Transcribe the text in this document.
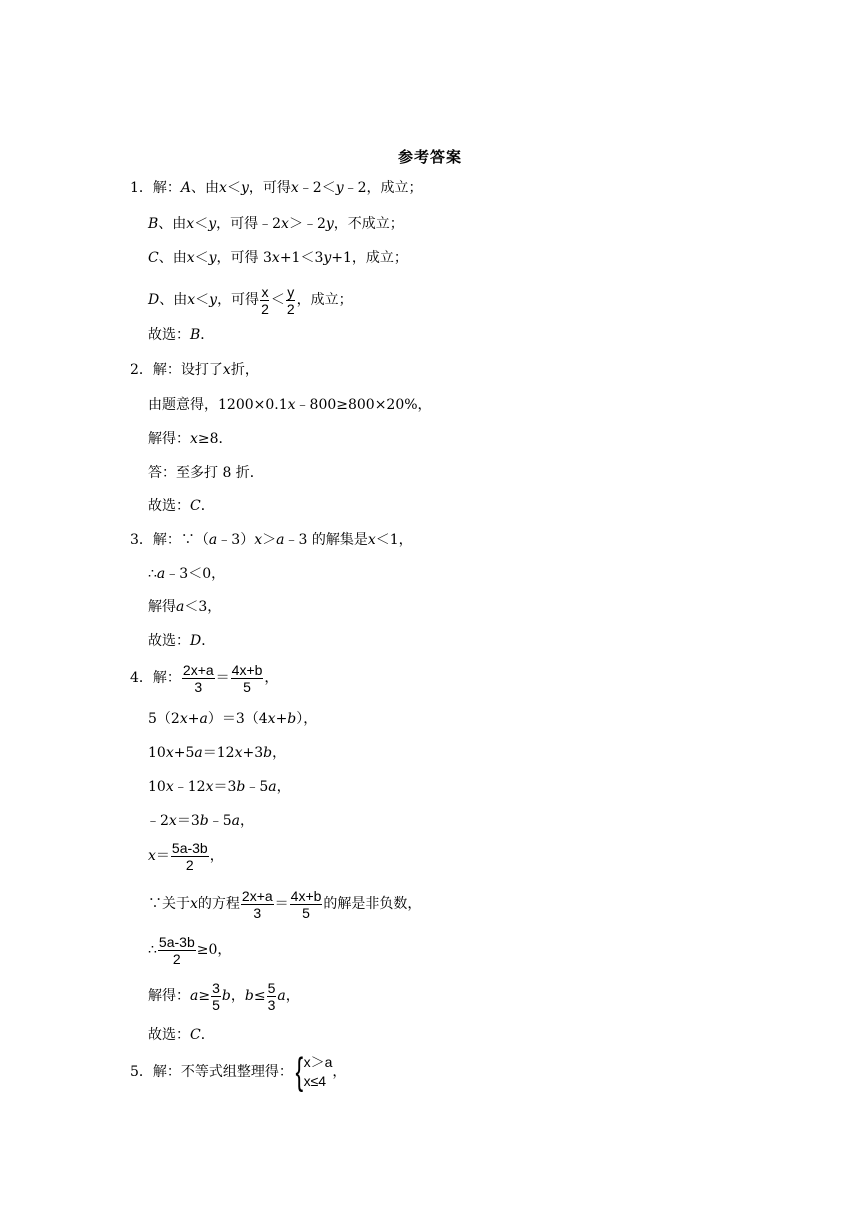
参考答案
1．解：A、由x＜y，可得x﹣2＜y﹣2，成立；
B、由x＜y，可得﹣2x＞﹣2y，不成立；
C、由x＜y，可得 3x+1＜3y+1，成立；
D、由x＜y，可得 $\frac{x}{2} < \frac{y}{2}$ ，成立；
故选：B．
2．解：设打了x折，
由题意得，1200×0.1x﹣800≥800×20%，
解得：x≥8．
答：至多打 8 折．
故选：C．
3．解：∵（a﹣3）x＞a﹣3 的解集是x＜1，
∴a﹣3＜0，
解得a＜3，
故选：D．
4．解： $\frac{2x+a}{3} = \frac{4x+b}{5}$ ，
5（2x+a）＝3（4x+b），
10x+5a＝12x+3b，
10x﹣12x＝3b﹣5a，
﹣2x＝3b﹣5a，
$x= \frac{5a-3b}{2}$ ，
∵关于x的方程 $\frac{2x+a}{3} = \frac{4x+b}{5}$ 的解是非负数，
∴ $\frac{5a-3b}{2} \ge 0$，
解得：$a\ge \frac{3}{5}$ b，$b\le \frac{5}{3}$ a，
故选：C．
5．解：不等式组整理得： { x＞a
x≤4
，
